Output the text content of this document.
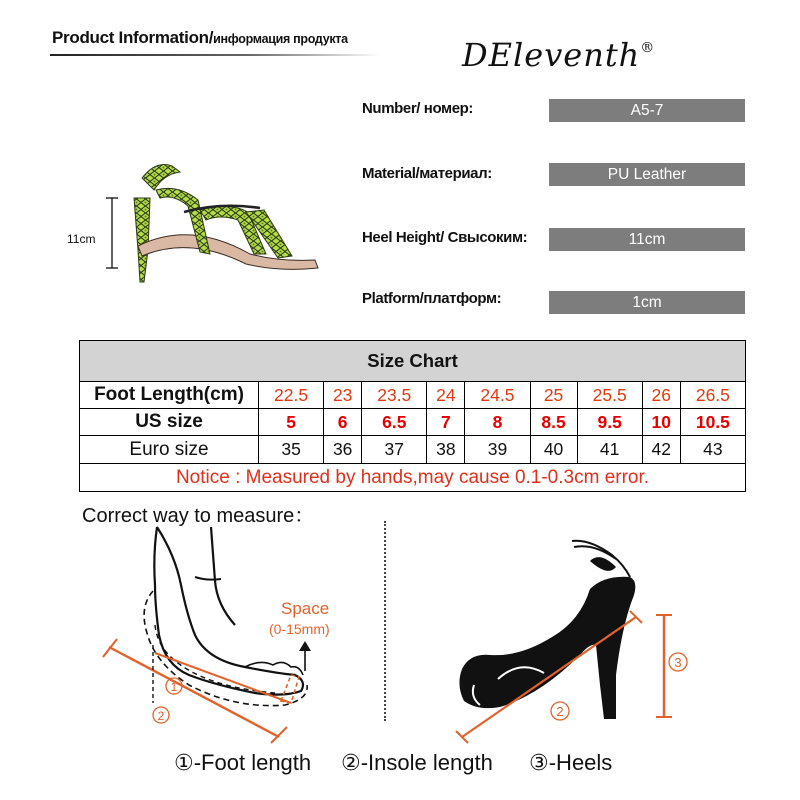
Product Information/информация продукта	DEleventh®
11cm
Number/ номер:	A5-7
Material/материал:	PU Leather
Heel Height/ Свысоким:	11cm
Platform/платформ:	1cm
Size Chart									
Foot Length(cm)	22.5	23	23.5	24	24.5	25	25.5	26	26.5
US size	5	6	6.5	7	8	8.5	9.5	10	10.5
Euro size	35	36	37	38	39	40	41	42	43
Notice : Measured by hands,may cause 0.1-0.3cm error.									
Correct way to measure：
1
2
Space
(0-15mm)
3
2
①-Foot length ②-Insole length ③-Heels
